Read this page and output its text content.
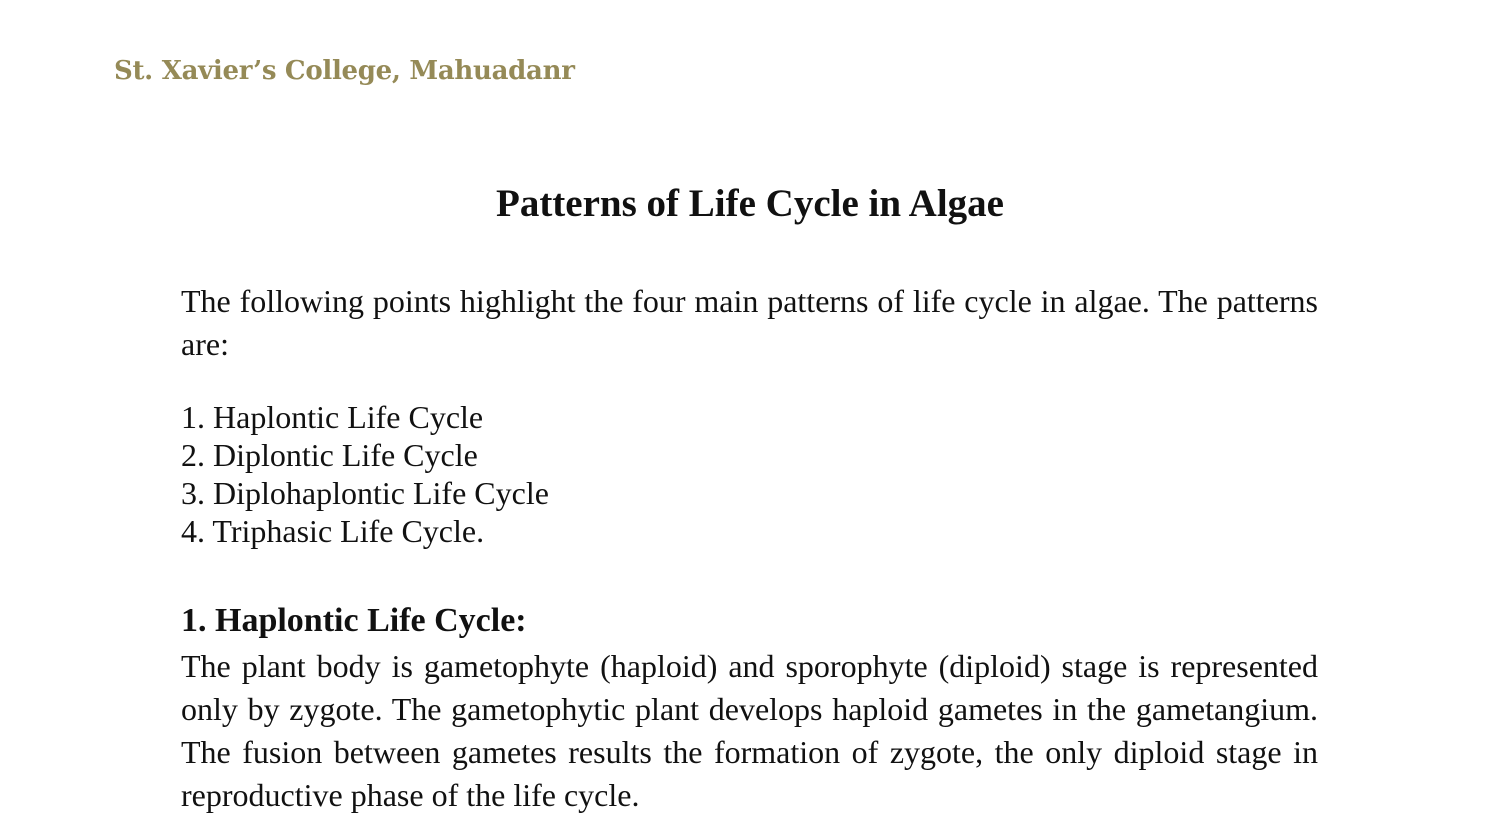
St. Xavier’s College, Mahuadanr
Patterns of Life Cycle in Algae

The following points highlight the four main patterns of life cycle in algae. The patterns are:

1. Haplontic Life Cycle
2. Diplontic Life Cycle
3. Diplohaplontic Life Cycle
4. Triphasic Life Cycle.
1. Haplontic Life Cycle:

The plant body is gametophyte (haploid) and sporophyte (diploid) stage is represented only by zygote. The gametophytic plant develops haploid gametes in the gametangium. The fusion between gametes results the formation of zygote, the only diploid stage in reproductive phase of the life cycle.
